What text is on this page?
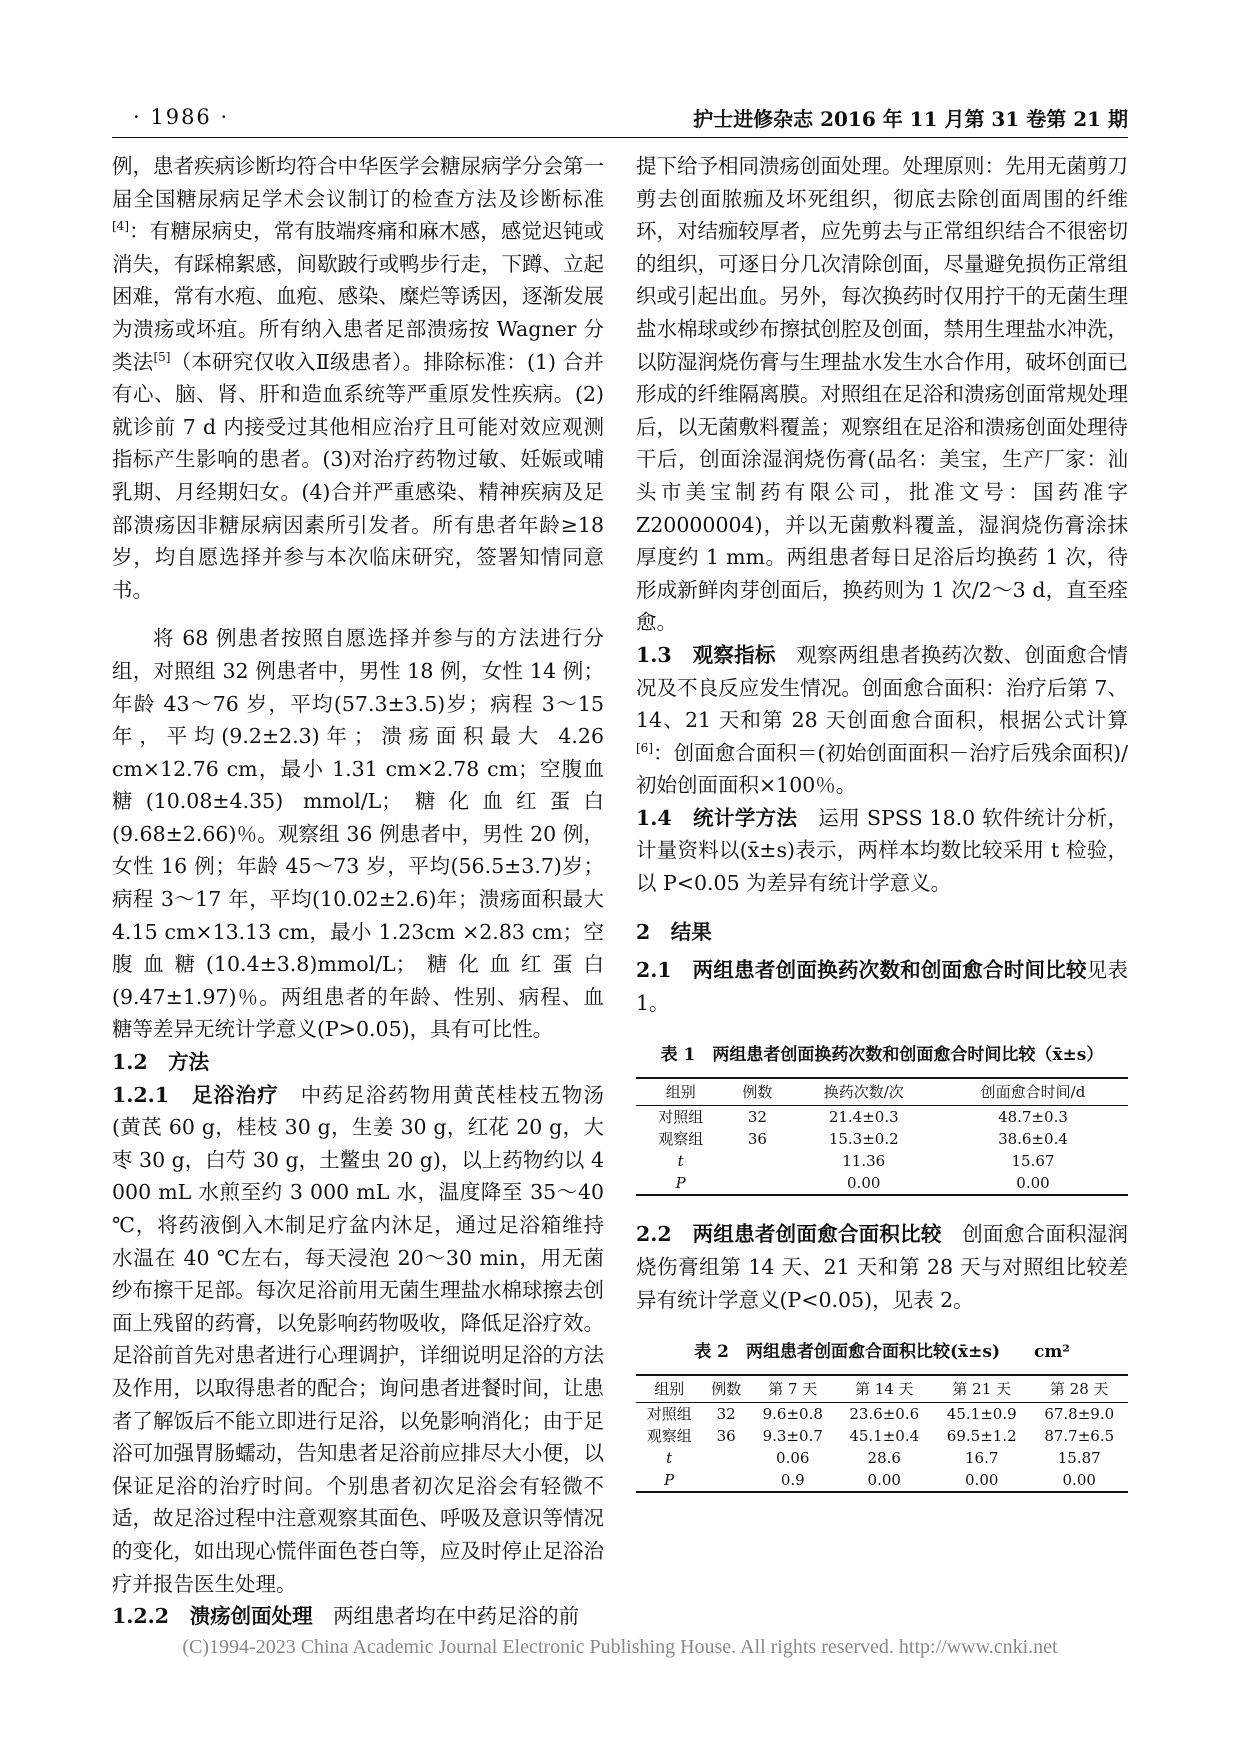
· 1986 ·	护士进修杂志 2016 年 11 月第 31 卷第 21 期

例，患者疾病诊断均符合中华医学会糖尿病学分会第一届全国糖尿病足学术会议制订的检查方法及诊断标准[4]：有糖尿病史，常有肢端疼痛和麻木感，感觉迟钝或消失，有踩棉絮感，间歇跛行或鸭步行走，下蹲、立起困难，常有水疱、血疱、感染、糜烂等诱因，逐渐发展为溃疡或坏疽。所有纳入患者足部溃疡按 Wagner 分类法[5]（本研究仅收入Ⅱ级患者）。排除标准：(1) 合并有心、脑、肾、肝和造血系统等严重原发性疾病。(2)就诊前 7 d 内接受过其他相应治疗且可能对效应观测指标产生影响的患者。(3)对治疗药物过敏、妊娠或哺乳期、月经期妇女。(4)合并严重感染、精神疾病及足部溃疡因非糖尿病因素所引发者。所有患者年龄≥18 岁，均自愿选择并参与本次临床研究，签署知情同意书。

将 68 例患者按照自愿选择并参与的方法进行分组，对照组 32 例患者中，男性 18 例，女性 14 例；年龄 43～76 岁，平均(57.3±3.5)岁；病程 3～15 年，平均(9.2±2.3)年；溃疡面积最大 4.26 cm×12.76 cm，最小 1.31 cm×2.78 cm；空腹血糖(10.08±4.35) mmol/L；糖化血红蛋白(9.68±2.66)％。观察组 36 例患者中，男性 20 例，女性 16 例；年龄 45～73 岁，平均(56.5±3.7)岁；病程 3～17 年，平均(10.02±2.6)年；溃疡面积最大 4.15 cm×13.13 cm，最小 1.23cm ×2.83 cm；空腹血糖(10.4±3.8)mmol/L；糖化血红蛋白(9.47±1.97)％。两组患者的年龄、性别、病程、血糖等差异无统计学意义(P>0.05)，具有可比性。

1.2　方法

1.2.1　足浴治疗　中药足浴药物用黄芪桂枝五物汤(黄芪 60 g，桂枝 30 g，生姜 30 g，红花 20 g，大枣 30 g，白芍 30 g，土鳖虫 20 g)，以上药物约以 4 000 mL 水煎至约 3 000 mL 水，温度降至 35～40 ℃，将药液倒入木制足疗盆内沐足，通过足浴箱维持水温在 40 ℃左右，每天浸泡 20～30 min，用无菌纱布擦干足部。每次足浴前用无菌生理盐水棉球擦去创面上残留的药膏，以免影响药物吸收，降低足浴疗效。足浴前首先对患者进行心理调护，详细说明足浴的方法及作用，以取得患者的配合；询问患者进餐时间，让患者了解饭后不能立即进行足浴，以免影响消化；由于足浴可加强胃肠蠕动，告知患者足浴前应排尽大小便，以保证足浴的治疗时间。个别患者初次足浴会有轻微不适，故足浴过程中注意观察其面色、呼吸及意识等情况的变化，如出现心慌伴面色苍白等，应及时停止足浴治疗并报告医生处理。

1.2.2　溃疡创面处理　两组患者均在中药足浴的前

提下给予相同溃疡创面处理。处理原则：先用无菌剪刀剪去创面脓痂及坏死组织，彻底去除创面周围的纤维环，对结痂较厚者，应先剪去与正常组织结合不很密切的组织，可逐日分几次清除创面，尽量避免损伤正常组织或引起出血。另外，每次换药时仅用拧干的无菌生理盐水棉球或纱布擦拭创腔及创面，禁用生理盐水冲洗，以防湿润烧伤膏与生理盐水发生水合作用，破坏创面已形成的纤维隔离膜。对照组在足浴和溃疡创面常规处理后，以无菌敷料覆盖；观察组在足浴和溃疡创面处理待干后，创面涂湿润烧伤膏(品名：美宝，生产厂家：汕头市美宝制药有限公司，批准文号：国药准字 Z20000004)，并以无菌敷料覆盖，湿润烧伤膏涂抹厚度约 1 mm。两组患者每日足浴后均换药 1 次，待形成新鲜肉芽创面后，换药则为 1 次/2～3 d，直至痊愈。

1.3　观察指标　观察两组患者换药次数、创面愈合情况及不良反应发生情况。创面愈合面积：治疗后第 7、14、21 天和第 28 天创面愈合面积，根据公式计算[6]：创面愈合面积＝(初始创面面积－治疗后残余面积)/初始创面面积×100％。

1.4　统计学方法　运用 SPSS 18.0 软件统计分析，计量资料以(x̄±s)表示，两样本均数比较采用 t 检验，以 P<0.05 为差异有统计学意义。

2　结果

2.1　两组患者创面换药次数和创面愈合时间比较见表 1。

表 1　两组患者创面换药次数和创面愈合时间比较（x̄±s）
组别	例数	换药次数/次	创面愈合时间/d
对照组	32	21.4±0.3	48.7±0.3
观察组	36	15.3±0.2	38.6±0.4
t		11.36	15.67
P		0.00	0.00

2.2　两组患者创面愈合面积比较　创面愈合面积湿润烧伤膏组第 14 天、21 天和第 28 天与对照组比较差异有统计学意义(P<0.05)，见表 2。

表 2　两组患者创面愈合面积比较(x̄±s)　　cm²
组别	例数	第 7 天	第 14 天	第 21 天	第 28 天
对照组	32	9.6±0.8	23.6±0.6	45.1±0.9	67.8±9.0
观察组	36	9.3±0.7	45.1±0.4	69.5±1.2	87.7±6.5
t		0.06	28.6	16.7	15.87
P		0.9	0.00	0.00	0.00
(C)1994-2023 China Academic Journal Electronic Publishing House. All rights reserved. http://www.cnki.net
